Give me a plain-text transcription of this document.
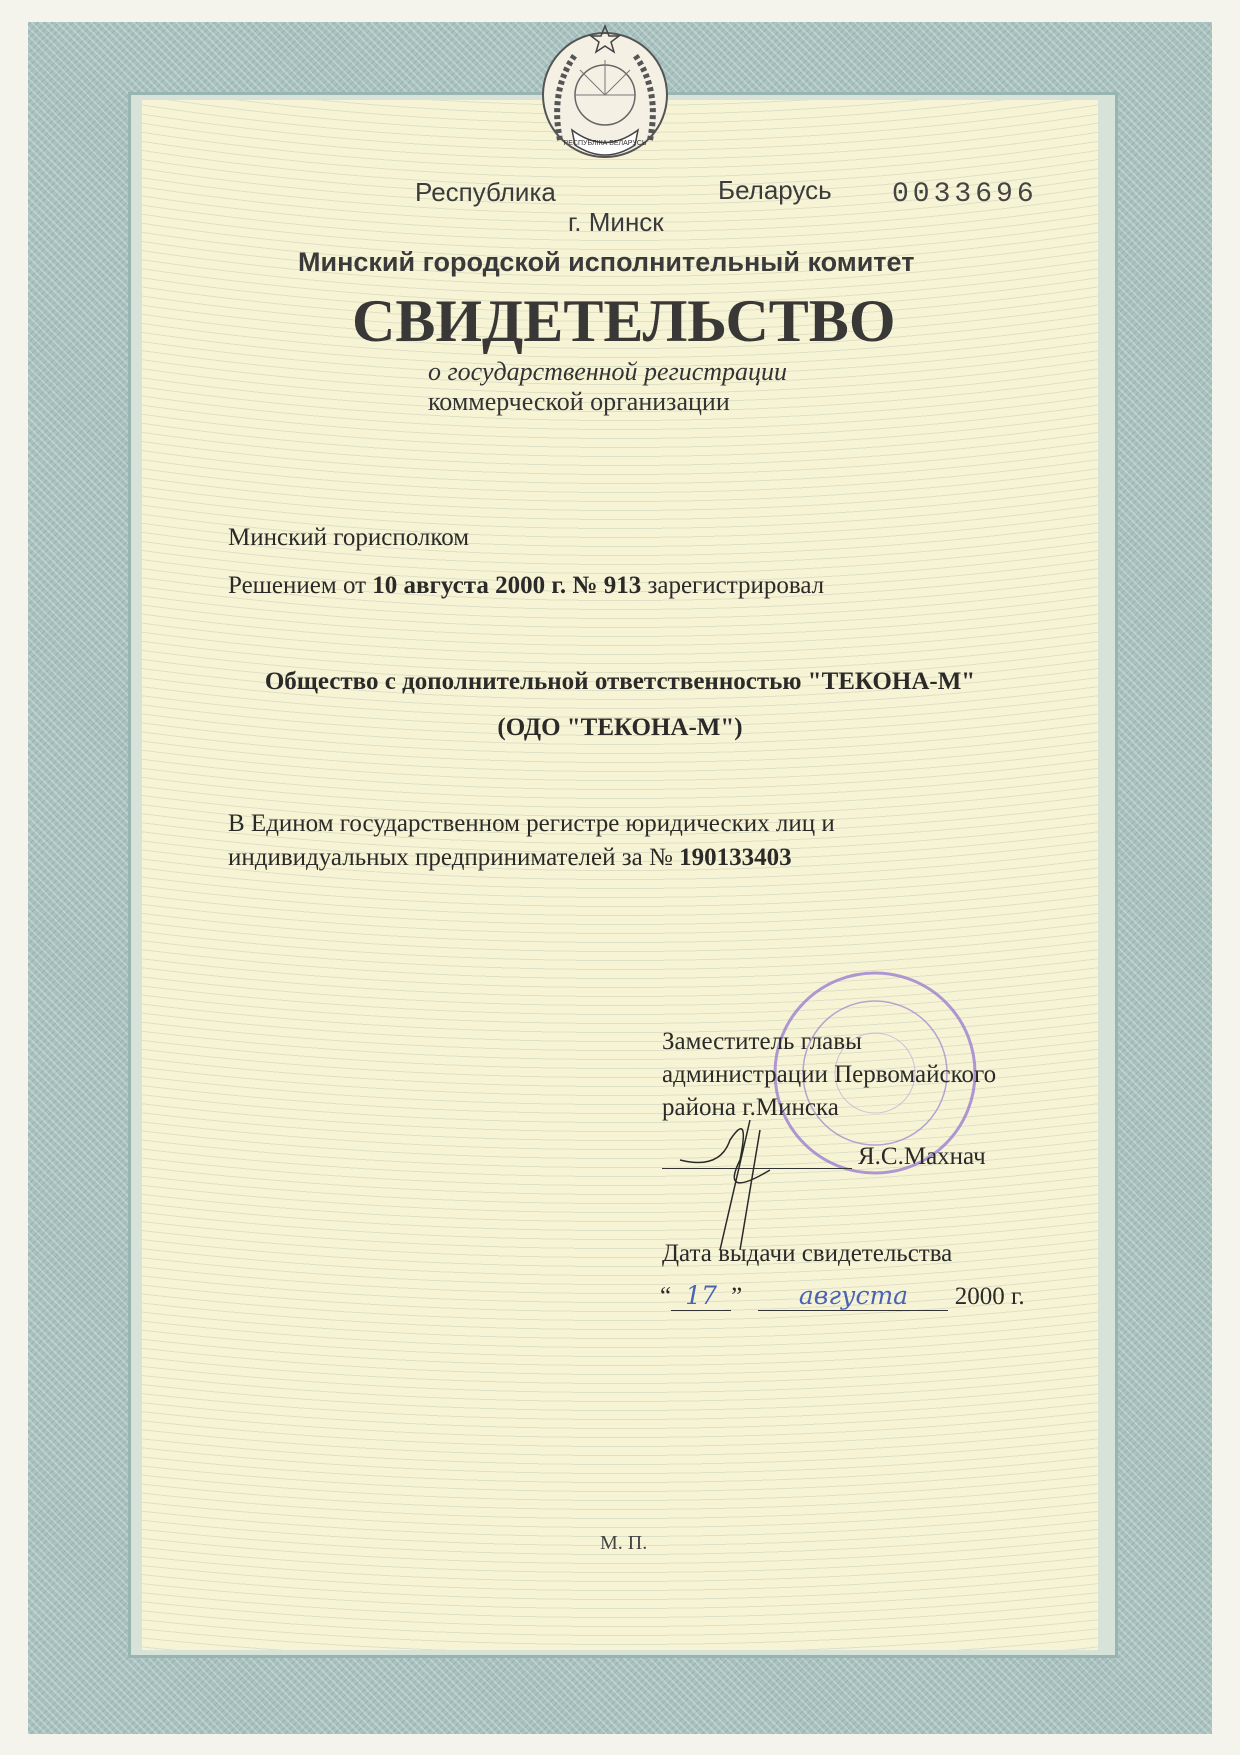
РЕСПУБЛІКА БЕЛАРУСЬ
Республика	Беларусь 0033696
г. Минск
Минский городской исполнительный комитет
СВИДЕТЕЛЬСТВО
о государственной регистрации
коммерческой организации
Минский горисполком
Решением от 10 августа 2000 г. № 913 зарегистрировал
Общество с дополнительной ответственностью "ТЕКОНА-М"
(ОДО "ТЕКОНА-М")
В Едином государственном регистре юридических лиц и
индивидуальных предпринимателей за № 190133403
Заместитель главы
администрации Первомайского
района г.Минска
Я.С.Махнач
Дата выдачи свидетельства
“ 17 ” августа 2000 г.
М. П.
